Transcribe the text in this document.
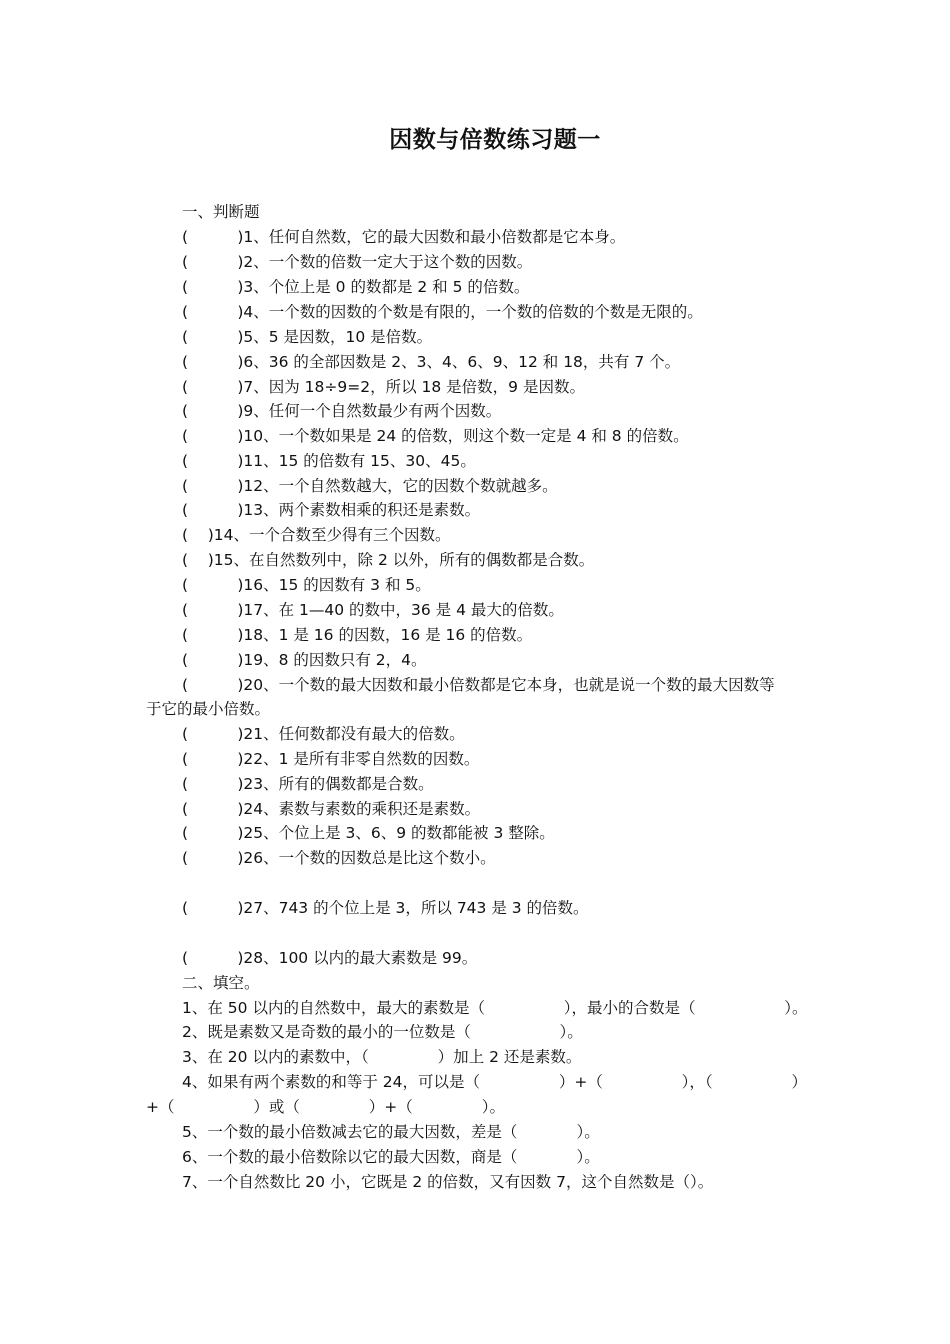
因数与倍数练习题一
一、判断题
(          )1、任何自然数，它的最大因数和最小倍数都是它本身。
(          )2、一个数的倍数一定大于这个数的因数。
(          )3、个位上是 0 的数都是 2 和 5 的倍数。
(          )4、一个数的因数的个数是有限的，一个数的倍数的个数是无限的。
(          )5、5 是因数，10 是倍数。
(          )6、36 的全部因数是 2、3、4、6、9、12 和 18，共有 7 个。
(          )7、因为 18÷9=2，所以 18 是倍数，9 是因数。
(          )9、任何一个自然数最少有两个因数。
(          )10、一个数如果是 24 的倍数，则这个数一定是 4 和 8 的倍数。
(          )11、15 的倍数有 15、30、45。
(          )12、一个自然数越大，它的因数个数就越多。
(          )13、两个素数相乘的积还是素数。
(    )14、一个合数至少得有三个因数。
(    )15、在自然数列中，除 2 以外，所有的偶数都是合数。
(          )16、15 的因数有 3 和 5。
(          )17、在 1—40 的数中，36 是 4 最大的倍数。
(          )18、1 是 16 的因数，16 是 16 的倍数。
(          )19、8 的因数只有 2，4。
(          )20、一个数的最大因数和最小倍数都是它本身，也就是说一个数的最大因数等
于它的最小倍数。
(          )21、任何数都没有最大的倍数。
(          )22、1 是所有非零自然数的因数。
(          )23、所有的偶数都是合数。
(          )24、素数与素数的乘积还是素数。
(          )25、个位上是 3、6、9 的数都能被 3 整除。
(          )26、一个数的因数总是比这个数小。
(          )27、743 的个位上是 3，所以 743 是 3 的倍数。
(          )28、100 以内的最大素数是 99。
二、填空。
1、在 50 以内的自然数中，最大的素数是（                ），最小的合数是（                  ）。
2、既是素数又是奇数的最小的一位数是（                  ）。
3、在 20 以内的素数中，（              ）加上 2 还是素数。
4、如果有两个素数的和等于 24，可以是（                ）+（                ），（                ）
+（                ）或（              ）+（              ）。
5、一个数的最小倍数减去它的最大因数，差是（            ）。
6、一个数的最小倍数除以它的最大因数，商是（            ）。
7、一个自然数比 20 小，它既是 2 的倍数，又有因数 7，这个自然数是（）。
